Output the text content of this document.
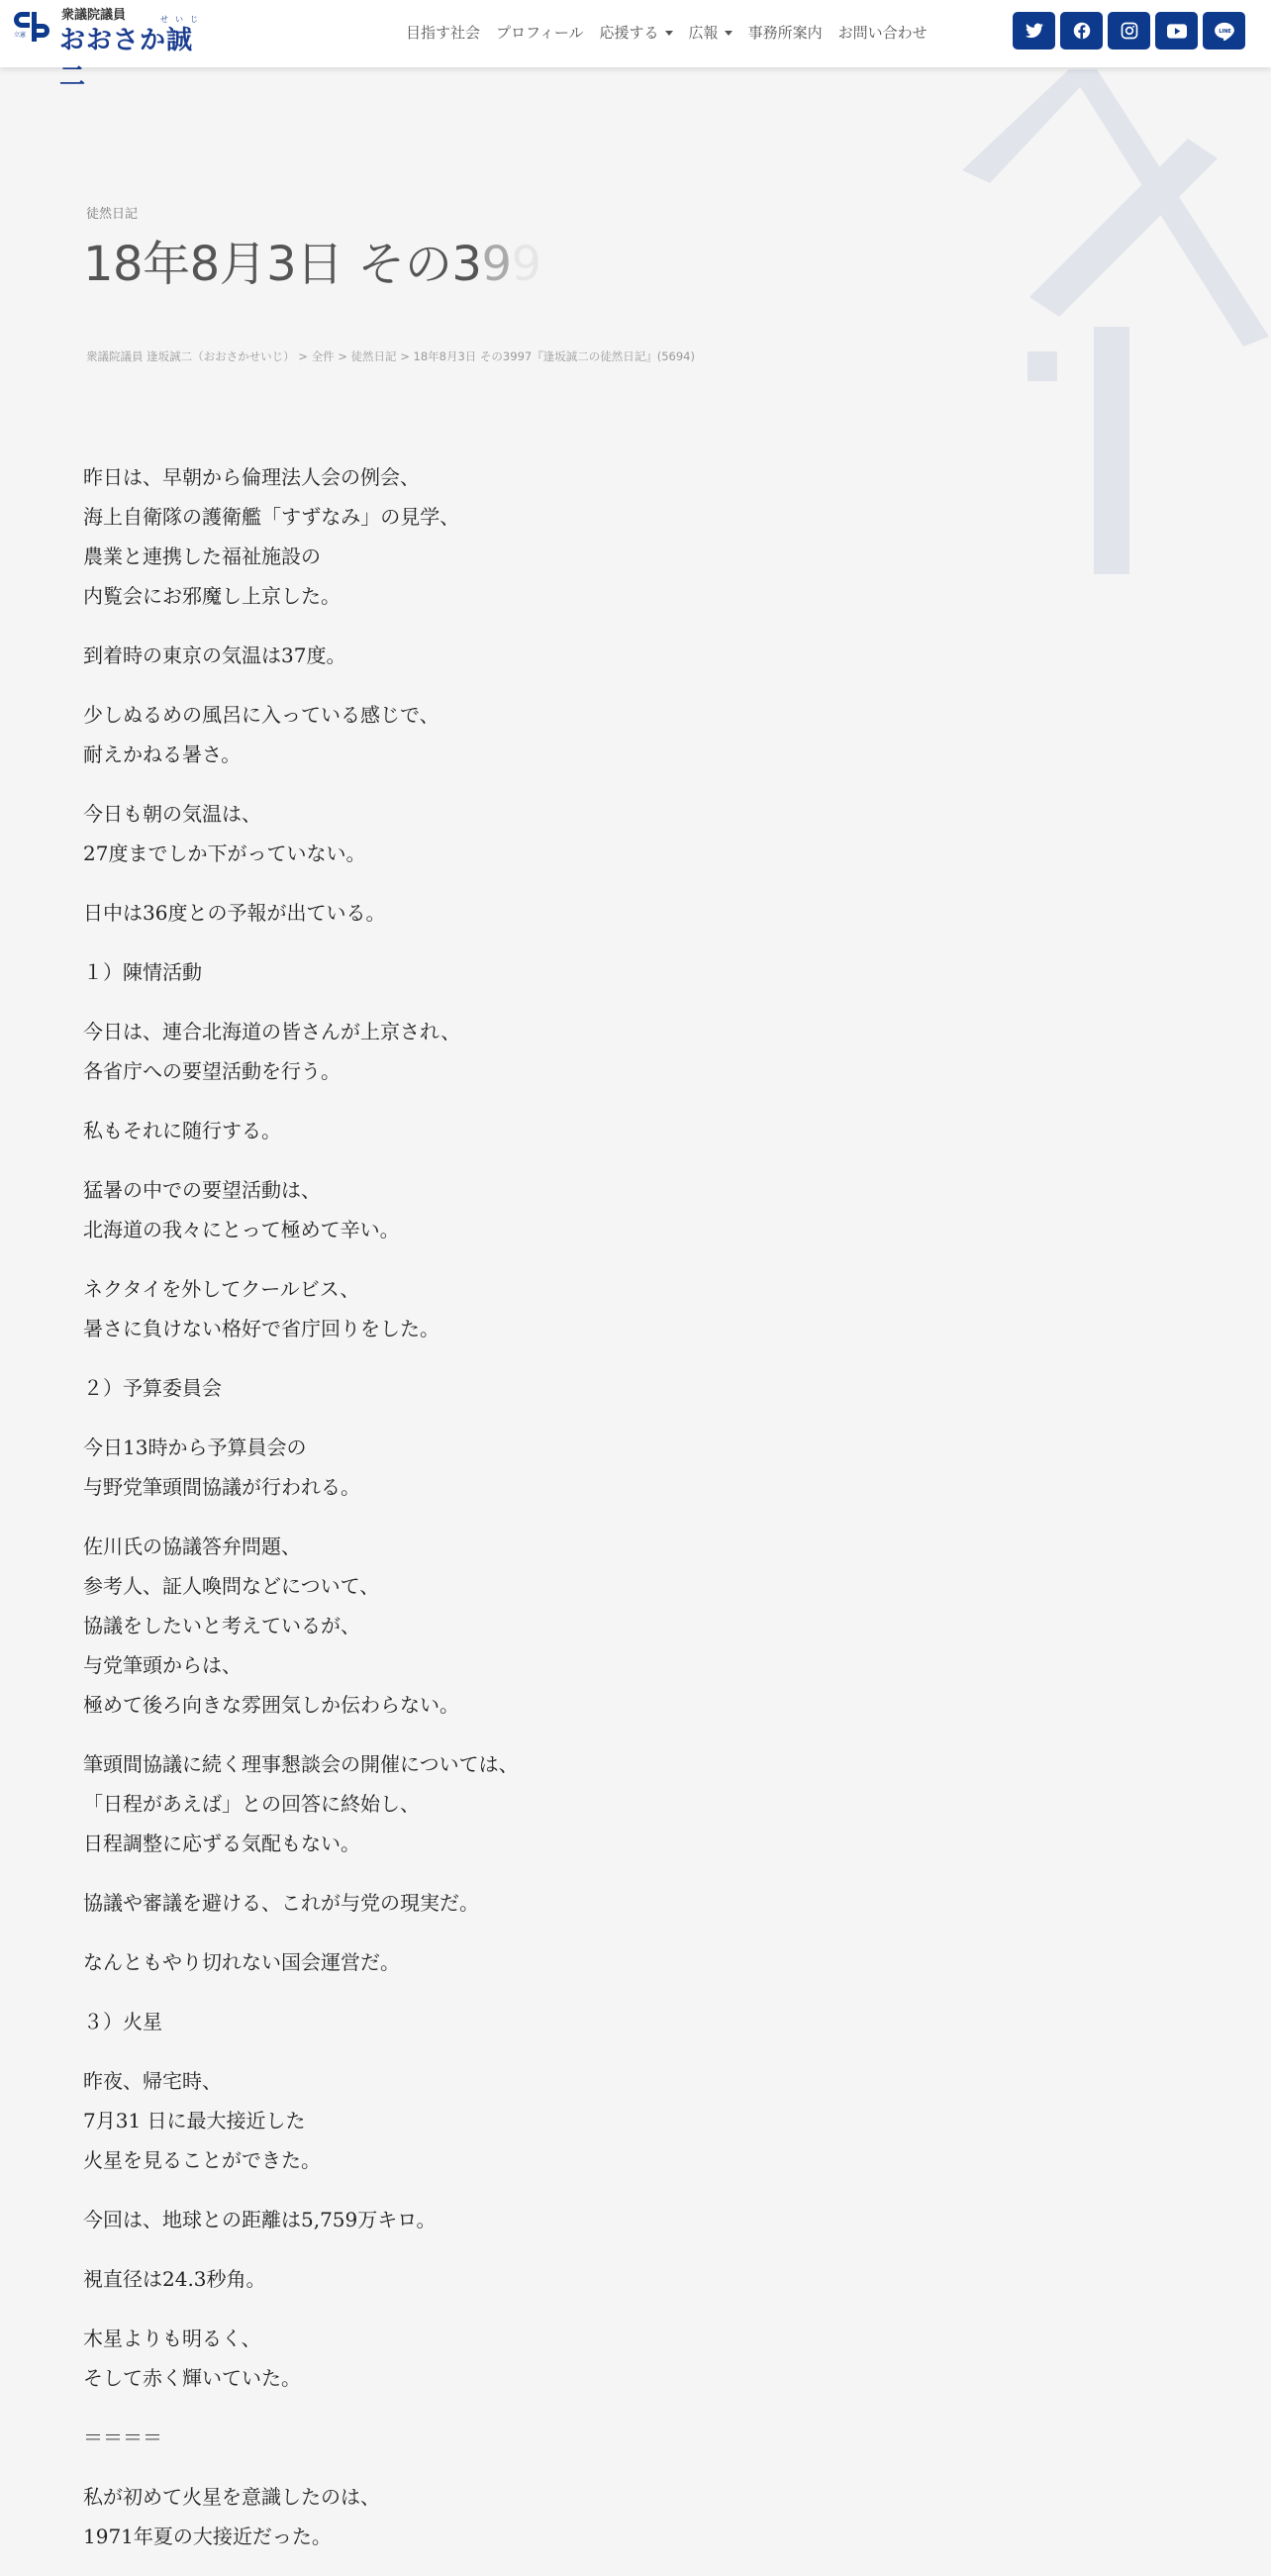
立憲
衆議院議員	せいじ
おおさか誠二
目指す社会 プロフィール 応援する	広報	事務所案内 お問い合わせ	LINE
徒然日記
18年8月3日 その399
衆議院議員 逢坂誠二（おおさかせいじ） > 全件 > 徒然日記 > 18年8月3日 その3997『逢坂誠二の徒然日記』(5694)

昨日は、早朝から倫理法人会の例会、
海上自衛隊の護衛艦「すずなみ」の見学、
農業と連携した福祉施設の
内覧会にお邪魔し上京した。

到着時の東京の気温は37度。

少しぬるめの風呂に入っている感じで、
耐えかねる暑さ。

今日も朝の気温は、
27度までしか下がっていない。

日中は36度との予報が出ている。

１）陳情活動

今日は、連合北海道の皆さんが上京され、
各省庁への要望活動を行う。

私もそれに随行する。

猛暑の中での要望活動は、
北海道の我々にとって極めて辛い。

ネクタイを外してクールビス、
暑さに負けない格好で省庁回りをした。

２）予算委員会

今日13時から予算員会の
与野党筆頭間協議が行われる。

佐川氏の協議答弁問題、
参考人、証人喚問などについて、
協議をしたいと考えているが、
与党筆頭からは、
極めて後ろ向きな雰囲気しか伝わらない。

筆頭間協議に続く理事懇談会の開催については、
「日程があえば」との回答に終始し、
日程調整に応ずる気配もない。

協議や審議を避ける、これが与党の現実だ。

なんともやり切れない国会運営だ。

３）火星

昨夜、帰宅時、
7月31 日に最大接近した
火星を見ることができた。

今回は、地球との距離は5,759万キロ。

視直径は24.3秒角。

木星よりも明るく、
そして赤く輝いていた。

＝＝＝＝

私が初めて火星を意識したのは、
1971年夏の大接近だった。
